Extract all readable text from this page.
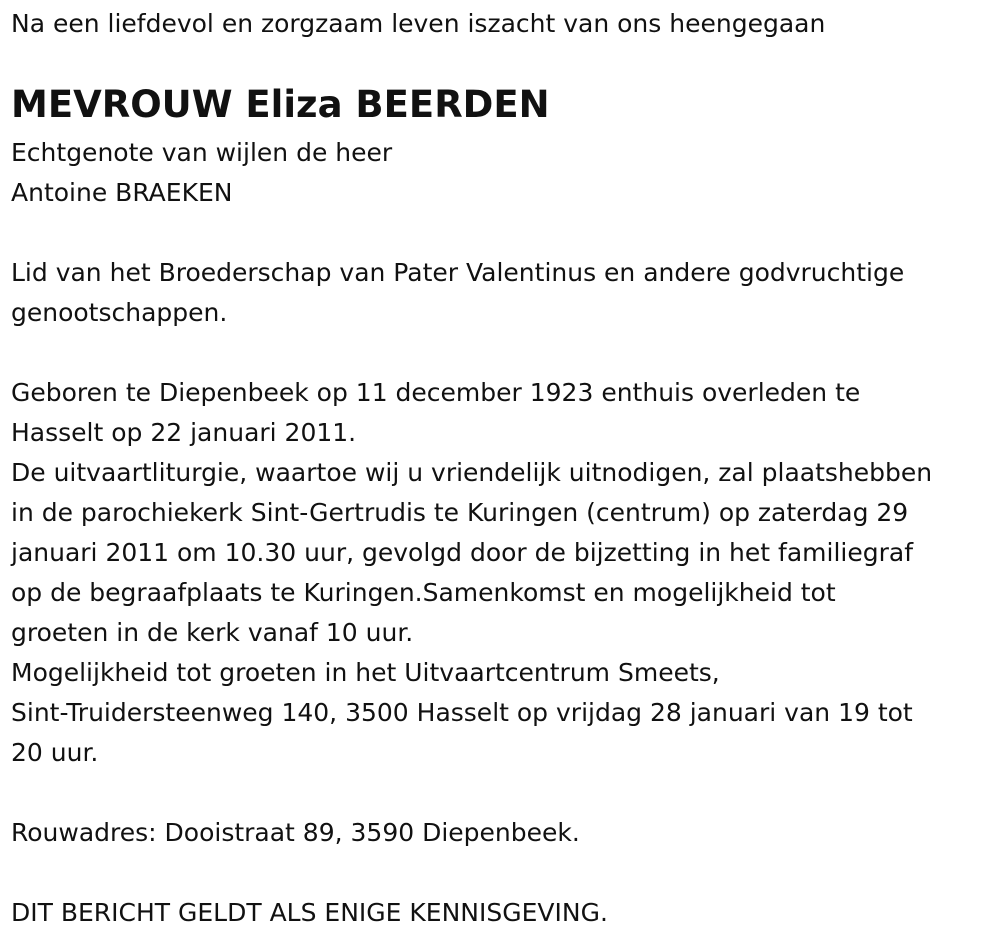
Na een liefdevol en zorgzaam leven iszacht van ons heengegaan
MEVROUW Eliza BEERDEN
Echtgenote van wijlen de heer
Antoine BRAEKEN
Lid van het Broederschap van Pater Valentinus en andere godvruchtige
genootschappen.
Geboren te Diepenbeek op 11 december 1923 enthuis overleden te
Hasselt op 22 januari 2011.
De uitvaartliturgie, waartoe wij u vriendelijk uitnodigen, zal plaatshebben
in de parochiekerk Sint-Gertrudis te Kuringen (centrum) op zaterdag 29
januari 2011 om 10.30 uur, gevolgd door de bijzetting in het familiegraf
op de begraafplaats te Kuringen.Samenkomst en mogelijkheid tot
groeten in de kerk vanaf 10 uur.
Mogelijkheid tot groeten in het Uitvaartcentrum Smeets,
Sint-Truidersteenweg 140, 3500 Hasselt op vrijdag 28 januari van 19 tot
20 uur.
Rouwadres: Dooistraat 89, 3590 Diepenbeek.
DIT BERICHT GELDT ALS ENIGE KENNISGEVING.
